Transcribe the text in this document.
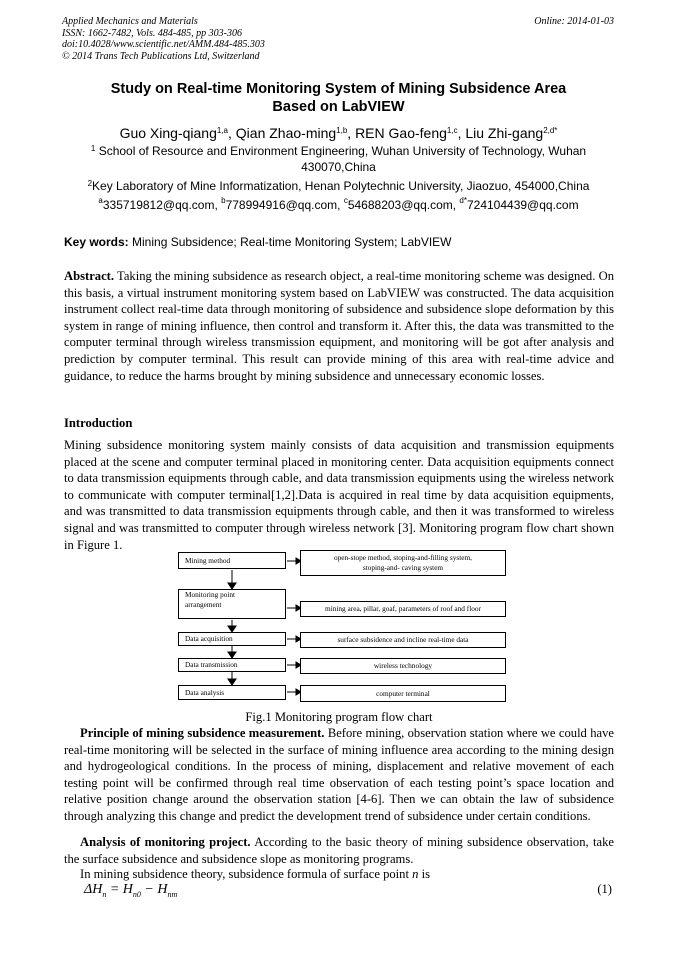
Applied Mechanics and Materials
ISSN: 1662-7482, Vols. 484-485, pp 303-306
doi:10.4028/www.scientific.net/AMM.484-485.303
© 2014 Trans Tech Publications Ltd, Switzerland
Online: 2014-01-03
Study on Real-time Monitoring System of Mining Subsidence Area
Based on LabVIEW
Guo Xing-qiang$^{1,a}$, Qian Zhao-ming$^{1,b}$, REN Gao-feng$^{1,c}$, Liu Zhi-gang$^{2,d*}$
$^1$ School of Resource and Environment Engineering, Wuhan University of Technology, Wuhan 430070,China
$^2$Key Laboratory of Mine Informatization, Henan Polytechnic University, Jiaozuo, 454000,China
$^a$335719812@qq.com, $^b$778994916@qq.com, $^c$54688203@qq.com, $^{d*}$724104439@qq.com
Key words: Mining Subsidence; Real-time Monitoring System; LabVIEW
Abstract. Taking the mining subsidence as research object, a real-time monitoring scheme was designed. On this basis, a virtual instrument monitoring system based on LabVIEW was constructed. The data acquisition instrument collect real-time data through monitoring of subsidence and subsidence slope deformation by this system in range of mining influence, then control and transform it. After this, the data was transmitted to the computer terminal through wireless transmission equipment, and monitoring will be got after analysis and prediction by computer terminal. This result can provide mining of this area with real-time advice and guidance, to reduce the harms brought by mining subsidence and unnecessary economic losses.
Introduction
Mining subsidence monitoring system mainly consists of data acquisition and transmission equipments placed at the scene and computer terminal placed in monitoring center. Data acquisition equipments connect to data transmission equipments through cable, and data transmission equipments using the wireless network to communicate with computer terminal[1,2].Data is acquired in real time by data acquisition equipments, and was transmitted to data transmission equipments through cable, and then it was transformed to wireless signal and was transmitted to computer through wireless network [3]. Monitoring program flow chart shown in Figure 1.
Mining method
Monitoring point
arrangement
Data acquisition
Data transmission
Data analysis
open-stope method, stoping-and-filling system,
stoping-and- caving system
mining area, pillar, goaf, parameters of roof and floor
surface subsidence and incline real-time data
wireless technology
computer terminal
Fig.1 Monitoring program flow chart
Principle of mining subsidence measurement. Before mining, observation station where we could have real-time monitoring will be selected in the surface of mining influence area according to the mining design and hydrogeological conditions. In the process of mining, displacement and relative movement of each testing point will be confirmed through real time observation of each testing point’s space location and relative position change around the observation station [4-6]. Then we can obtain the law of subsidence through analyzing this change and predict the development trend of subsidence under certain conditions.
Analysis of monitoring project. According to the basic theory of mining subsidence observation, take the surface subsidence and subsidence slope as monitoring programs.
In mining subsidence theory, subsidence formula of surface point n is
$\Delta H_n = H_{n0} - H_{nm}$	(1)
